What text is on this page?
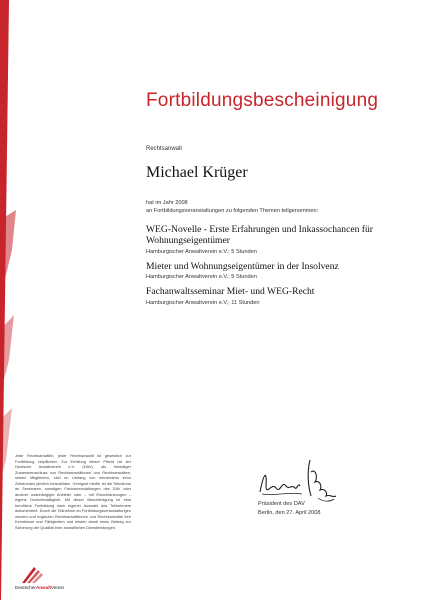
Fortbildungsbescheinigung
Rechtsanwalt
Michael Krüger
hat im Jahr 2008
an Fortbildungsveranstaltungen zu folgenden Themen teilgenommen:
WEG-Novelle - Erste Erfahrungen und Inkassochancen für Wohnungseigentümer
Hamburgischer Anwaltverein e.V.; 5 Stunden
Mieter und Wohnungseigentümer in der Insolvenz
Hamburgischer Anwaltverein e.V.; 5 Stunden
Fachanwaltsseminar Miet- und WEG-Recht
Hamburgischer Anwaltverein e.V.; 11 Stunden
Jede Rechtsanwältin, jeder Rechtsanwalt ist gesetzlich zur Fortbildung verpflichtet. Zur Erfüllung dieser Pflicht rät der Deutsche Anwaltverein e.V. (DAV), als freiwilliger Zusammenschluss von Rechtsanwältinnen und Rechtsanwälten, seinen Mitgliedern, sich im Umfang von mindestens zehn Zeitstunden jährlich fortzubilden. Geeignet hierfür ist die Teilnahme an Seminaren, sonstigen Fachveranstaltungen des DAV oder anderer unabhängiger Anbieter oder – mit Einschränkungen – eigene Dozententätigkeit. Mit dieser Bescheinigung ist eine berufliche Fortbildung nach eigener Auswahl des Teilnehmers dokumentiert. Durch die Teilnahme an Fortbildungsveranstaltungen werden und ergänzen Rechtsanwältinnen und Rechtsanwälte ihre Kenntnisse und Fähigkeiten und leisten damit einen Beitrag zur Sicherung der Qualität ihrer anwaltlichen Dienstleistungen.
DeutscherAnwaltVerein
Präsident des DAV
Berlin, den 27. April 2008
